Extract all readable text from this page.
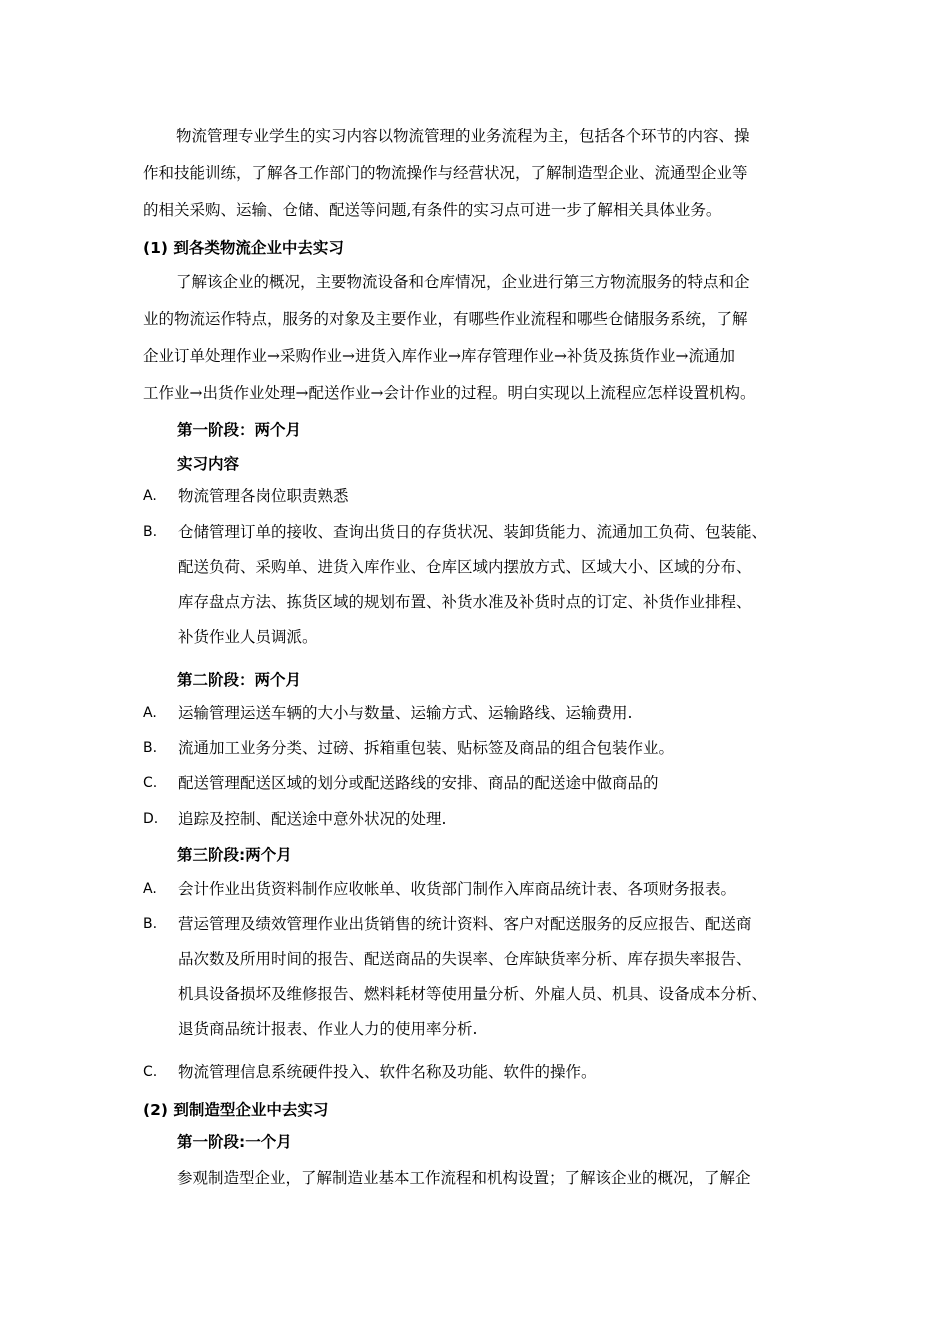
物流管理专业学生的实习内容以物流管理的业务流程为主，包括各个环节的内容、操
作和技能训练，了解各工作部门的物流操作与经营状况，了解制造型企业、流通型企业等
的相关采购、运输、仓储、配送等问题,有条件的实习点可进一步了解相关具体业务。
(1) 到各类物流企业中去实习
了解该企业的概况，主要物流设备和仓库情况，企业进行第三方物流服务的特点和企
业的物流运作特点，服务的对象及主要作业，有哪些作业流程和哪些仓储服务系统，了解
企业订单处理作业→采购作业→进货入库作业→库存管理作业→补货及拣货作业→流通加
工作业→出货作业处理→配送作业→会计作业的过程。明白实现以上流程应怎样设置机构。
第一阶段：两个月
实习内容
A. 物流管理各岗位职责熟悉
B. 仓储管理订单的接收、查询出货日的存货状况、装卸货能力、流通加工负荷、包装能、
配送负荷、采购单、进货入库作业、仓库区域内摆放方式、区域大小、区域的分布、
库存盘点方法、拣货区域的规划布置、补货水准及补货时点的订定、补货作业排程、
补货作业人员调派。
第二阶段：两个月
A. 运输管理运送车辆的大小与数量、运输方式、运输路线、运输费用.
B. 流通加工业务分类、过磅、拆箱重包装、贴标签及商品的组合包装作业。
C. 配送管理配送区域的划分或配送路线的安排、商品的配送途中做商品的
D. 追踪及控制、配送途中意外状况的处理.
第三阶段:两个月
A. 会计作业出货资料制作应收帐单、收货部门制作入库商品统计表、各项财务报表。
B. 营运管理及绩效管理作业出货销售的统计资料、客户对配送服务的反应报告、配送商
品次数及所用时间的报告、配送商品的失误率、仓库缺货率分析、库存损失率报告、
机具设备损坏及维修报告、燃料耗材等使用量分析、外雇人员、机具、设备成本分析、
退货商品统计报表、作业人力的使用率分析.
C. 物流管理信息系统硬件投入、软件名称及功能、软件的操作。
(2) 到制造型企业中去实习
第一阶段:一个月
参观制造型企业，了解制造业基本工作流程和机构设置；了解该企业的概况，了解企
